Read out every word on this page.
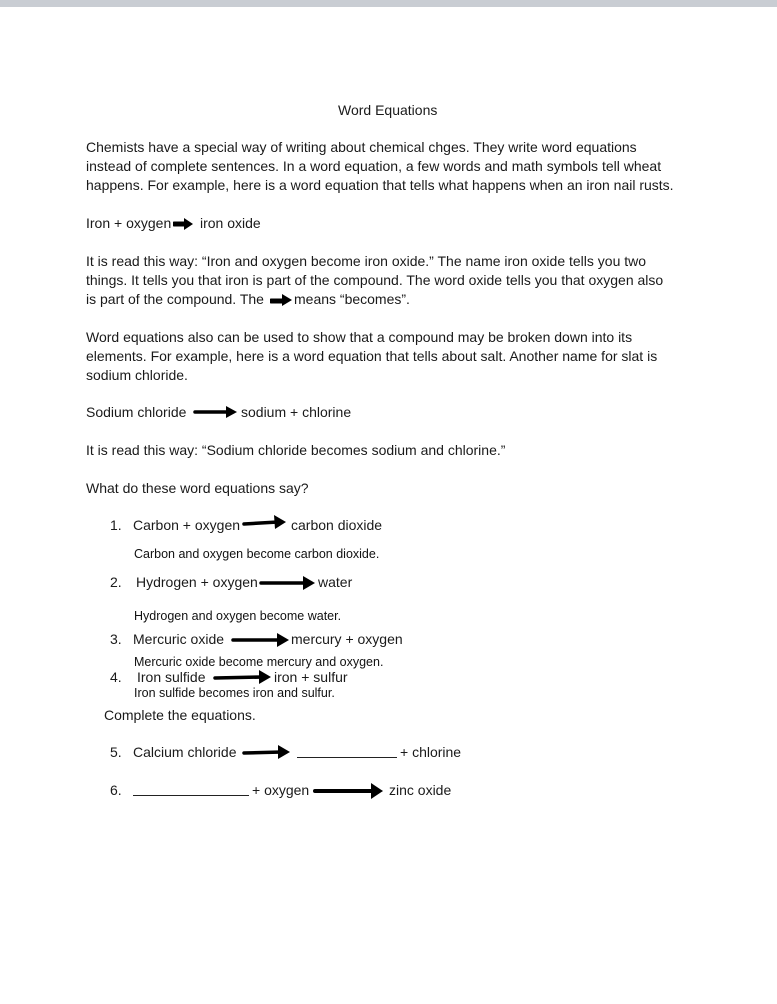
Word Equations
Chemists have a special way of writing about chemical chges. They write word equations
instead of complete sentences. In a word equation, a few words and math symbols tell wheat
happens. For example, here is a word equation that tells what happens when an iron nail rusts.
Iron + oxygen iron oxide
It is read this way: “Iron and oxygen become iron oxide.” The name iron oxide tells you two
things. It tells you that iron is part of the compound. The word oxide tells you that oxygen also
is part of the compound. The means “becomes”.
Word equations also can be used to show that a compound may be broken down into its
elements. For example, here is a word equation that tells about salt. Another name for slat is
sodium chloride.
Sodium chloride	sodium + chlorine
It is read this way: “Sodium chloride becomes sodium and chlorine.”
What do these word equations say?
1. Carbon + oxygen	carbon dioxide
Carbon and oxygen become carbon dioxide.
2. Hydrogen + oxygen	water
Hydrogen and oxygen become water.
3. Mercuric oxide	mercury + oxygen
Mercuric oxide become mercury and oxygen.
4. Iron sulfide	iron + sulfur
Iron sulfide becomes iron and sulfur.
Complete the equations.
5. Calcium chloride	+ chlorine
6.	+ oxygen	zinc oxide
